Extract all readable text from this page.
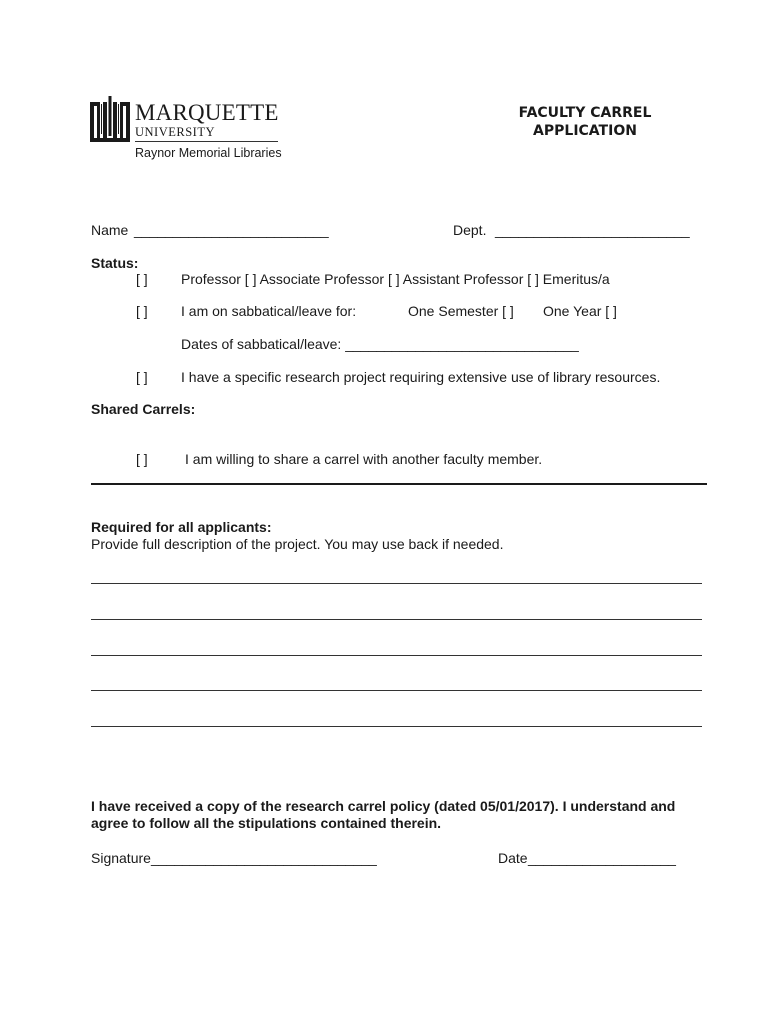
MARQUETTE
UNIVERSITY
Raynor Memorial Libraries
FACULTY CARREL
APPLICATION
Name _________________________	Dept. _________________________
Status:
[ ] Professor [ ] Associate Professor [ ] Assistant Professor [ ] Emeritus/a
[ ] I am on sabbatical/leave for:	One Semester [ ] One Year [ ]
Dates of sabbatical/leave: ______________________________
[ ] I have a specific research project requiring extensive use of library resources.
Shared Carrels:
[ ]	I am willing to share a carrel with another faculty member.
Required for all applicants:
Provide full description of the project. You may use back if needed.
I have received a copy of the research carrel policy (dated 05/01/2017). I understand and
agree to follow all the stipulations contained therein.
Signature _____________________________	Date ___________________
